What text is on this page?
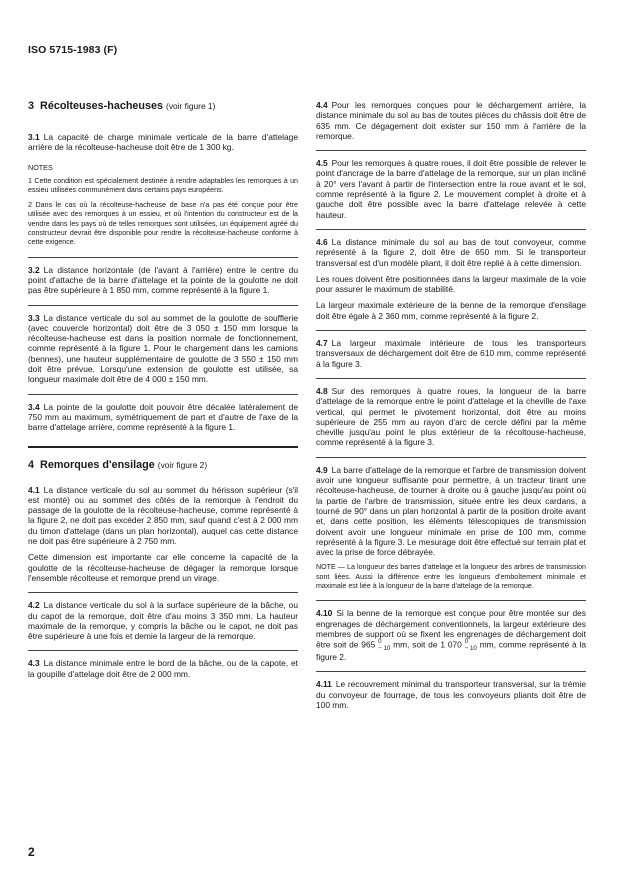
ISO 5715-1983 (F)
3 Récolteuses-hacheuses (voir figure 1)

3.1 La capacité de charge minimale verticale de la barre d'attelage arrière de la récolteuse-hacheuse doit être de 1 300 kg.

NOTES

1 Cette condition est spécialement destinée à rendre adaptables les remorques à un essieu utilisées communément dans certains pays européens.

2 Dans le cas où la récolteuse-hacheuse de base n'a pas été conçue pour être utilisée avec des remorques à un essieu, et où l'intention du constructeur est de la vendre dans les pays où de telles remorques sont utilisées, un équipement agréé du constructeur devrait être disponible pour rendre la récolteuse-hacheuse conforme à cette exigence.

3.2 La distance horizontale (de l'avant à l'arrière) entre le centre du point d'attache de la barre d'attelage et la pointe de la goulotte ne doit pas être supérieure à 1 850 mm, comme représenté à la figure 1.

3.3 La distance verticale du sol au sommet de la goulotte de soufflerie (avec couvercle horizontal) doit être de 3 050 ± 150 mm lorsque la récolteuse-hacheuse est dans la position normale de fonctionnement, comme représenté à la figure 1. Pour le chargement dans les camions (bennes), une hauteur supplémentaire de goulotte de 3 550 ± 150 mm doit être prévue. Lorsqu'une extension de goulotte est utilisée, sa longueur maximale doit être de 4 000 ± 150 mm.

3.4 La pointe de la goulotte doit pouvoir être décalée latéralement de 750 mm au maximum, symétriquement de part et d'autre de l'axe de la barre d'attelage arrière, comme représenté à la figure 1.

4 Remorques d'ensilage (voir figure 2)

4.1 La distance verticale du sol au sommet du hérisson supérieur (s'il est monté) ou au sommet des côtés de la remorque à l'endroit du passage de la goulotte de la récolteuse-hacheuse, comme représenté à la figure 2, ne doit pas excéder 2 850 mm, sauf quand c'est à 2 000 mm du timon d'attelage (dans un plan horizontal), auquel cas cette distance ne doit pas être supérieure à 2 750 mm.

Cette dimension est importante car elle concerne la capacité de la goulotte de la récolteuse-hacheuse de dégager la remorque lorsque l'ensemble récolteuse et remorque prend un virage.

4.2 La distance verticale du sol à la surface supérieure de la bâche, ou du capot de la remorque, doit être d'au moins 3 350 mm. La hauteur maximale de la remorque, y compris la bâche ou le capot, ne doit pas être supérieure à une fois et demie la largeur de la remorque.

4.3 La distance minimale entre le bord de la bâche, ou de la capote, et la goupille d'attelage doit être de 2 000 mm.

4.4 Pour les remorques conçues pour le déchargement arrière, la distance minimale du sol au bas de toutes pièces du châssis doit être de 635 mm. Ce dégagement doit exister sur 150 mm à l'arrière de la remorque.

4.5 Pour les remorques à quatre roues, il doit être possible de relever le point d'ancrage de la barre d'attelage de la remorque, sur un plan incliné à 20° vers l'avant à partir de l'intersection entre la roue avant et le sol, comme représenté à la figure 2. Le mouvement complet à droite et à gauche doit être possible avec la barre d'attelage relevée à cette hauteur.

4.6 La distance minimale du sol au bas de tout convoyeur, comme représenté à la figure 2, doit être de 650 mm. Si le transporteur transversal est d'un modèle pliant, il doit être replié à à cette dimension.

Les roues doivent être positionnées dans la largeur maximale de la voie pour assurer le maximum de stabilité.

La largeur maximale extérieure de la benne de la remorque d'ensilage doit être égale à 2 360 mm, comme représenté à la figure 2.

4.7 La largeur maximale intérieure de tous les transporteurs transversaux de déchargement doit être de 610 mm, comme représenté à la figure 3.

4.8 Sur des remorques à quatre roues, la longueur de la barre d'attelage de la remorque entre le point d'attelage et la cheville de l'axe vertical, qui permet le pivotement horizontal, doit être au moins supérieure de 255 mm au rayon d'arc de cercle défini par la même cheville jusqu'au point le plus extérieur de la récoltouse-hacheuse, comme représenté à la figure 3.

4.9 La barre d'attelage de la remorque et l'arbre de transmission doivent avoir une longueur suffisante pour permettre, à un tracteur tirant une récolteuse-hacheuse, de tourner à droite ou à gauche jusqu'au point où la partie de l'arbre de transmission, située entre les deux cardans, a tourné de 90° dans un plan horizontal à partir de la position droite avant et, dans cette position, les éléments télescopiques de transmission doivent avoir une longueur minimale en prise de 100 mm, comme représenté à la figure 3. Le mesurage doit être effectué sur terrain plat et avec la prise de force débrayée.

NOTE — La longueur des barres d'attelage et la longueur des arbres de transmission sont liées. Aussi la différence entre les longueurs d'emboîtement minimale et maximale est liée à la longueur de la barre d'attelage de la remorque.

4.10 Si la benne de la remorque est conçue pour être montée sur des engrenages de déchargement conventionnels, la largeur extérieure des membres de support où se fixent les engrenages de déchargement doit être soit de 965 0
− 10 mm, soit de 1 070 0
− 10 mm, comme représenté à la figure 2.

4.11 Le recouvrement minimal du transporteur transversal, sur la trémie du convoyeur de fourrage, de tous les convoyeurs pliants doit être de 100 mm.

2
